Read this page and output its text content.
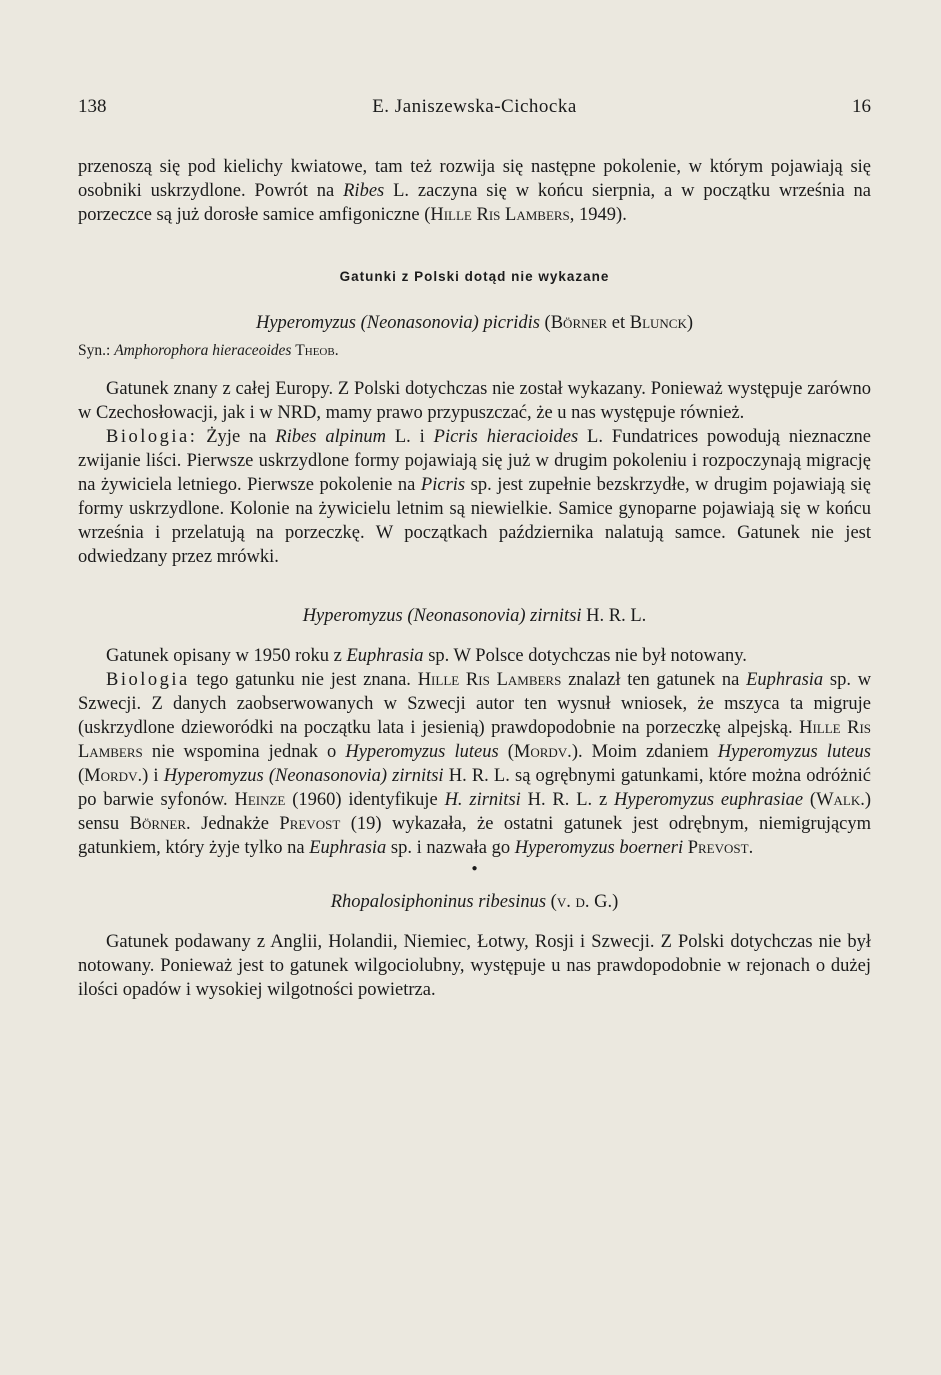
138	E. Janiszewska-Cichocka	16

przenoszą się pod kielichy kwiatowe, tam też rozwija się następne pokolenie, w którym pojawiają się osobniki uskrzydlone. Powrót na Ribes L. zaczyna się w końcu sierpnia, a w początku września na porzeczce są już dorosłe samice amfigoniczne (Hille Ris Lambers, 1949).

Gatunki z Polski dotąd nie wykazane

Hyperomyzus (Neonasonovia) picridis (Börner et Blunck)

Syn.: Amphorophora hieraceoides Theob.

Gatunek znany z całej Europy. Z Polski dotychczas nie został wykazany. Ponieważ występuje zarówno w Czechosłowacji, jak i w NRD, mamy prawo przypuszczać, że u nas występuje również.

Biologia: Żyje na Ribes alpinum L. i Picris hieracioides L. Fundatrices powodują nieznaczne zwijanie liści. Pierwsze uskrzydlone formy pojawiają się już w drugim pokoleniu i rozpoczynają migrację na żywiciela letniego. Pierwsze pokolenie na Picris sp. jest zupełnie bezskrzydłe, w drugim pojawiają się formy uskrzydlone. Kolonie na żywicielu letnim są niewielkie. Samice gynoparne pojawiają się w końcu września i przelatują na porzeczkę. W początkach października nalatują samce. Gatunek nie jest odwiedzany przez mrówki.

Hyperomyzus (Neonasonovia) zirnitsi H. R. L.

Gatunek opisany w 1950 roku z Euphrasia sp. W Polsce dotychczas nie był notowany.

Biologia tego gatunku nie jest znana. Hille Ris Lambers znalazł ten gatunek na Euphrasia sp. w Szwecji. Z danych zaobserwowanych w Szwecji autor ten wysnuł wniosek, że mszyca ta migruje (uskrzydlone dzieworódki na początku lata i jesienią) prawdopodobnie na porzeczkę alpejską. Hille Ris Lambers nie wspomina jednak o Hyperomyzus luteus (Mordv.). Moim zdaniem Hyperomyzus luteus (Mordv.) i Hyperomyzus (Neonasonovia) zirnitsi H. R. L. są ogrębnymi gatunkami, które można odróżnić po barwie syfonów. Heinze (1960) identyfikuje H. zirnitsi H. R. L. z Hyperomyzus euphrasiae (Walk.) sensu Börner. Jednakże Prevost (19) wykazała, że ostatni gatunek jest odrębnym, niemigrującym gatunkiem, który żyje tylko na Euphrasia sp. i nazwała go Hyperomyzus boerneri Prevost.

●

Rhopalosiphoninus ribesinus (v. d. G.)

Gatunek podawany z Anglii, Holandii, Niemiec, Łotwy, Rosji i Szwecji. Z Polski dotychczas nie był notowany. Ponieważ jest to gatunek wilgociolubny, występuje u nas prawdopodobnie w rejonach o dużej ilości opadów i wysokiej wilgotności powietrza.
